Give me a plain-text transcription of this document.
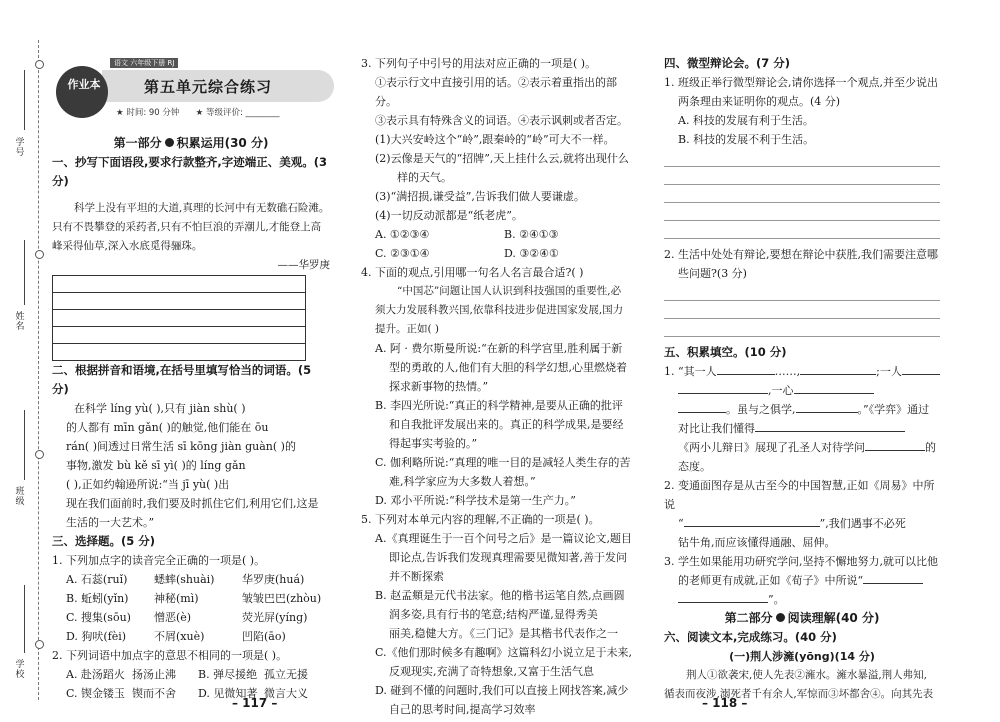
学号
姓名
班级
学校
作业本
语文 六年级下册 RJ
第五单元综合练习
★ 时间: 90 分钟 ★ 等级评价: ________
第一部分 积累运用(30 分)
一、抄写下面语段,要求行款整齐,字迹端正、美观。(3 分)
科学上没有平坦的大道,真理的长河中有无数礁石险滩。只有不畏攀登的采药者,只有不怕巨浪的弄潮儿,才能登上高峰采得仙草,深入水底觅得骊珠。
——华罗庚
二、根据拼音和语境,在括号里填写恰当的词语。(5 分)
在科学 líng yù( ),只有 jiàn shù( )
的人都有 mīn gǎn( )的触觉,他们能在 ōu
rán( )间透过日常生活 sī kōng jiàn guàn( )的
事物,激发 bù kě sī yì( )的 líng gǎn
( ),正如约翰逊所说:“当 jī yù( )出
现在我们面前时,我们要及时抓住它们,利用它们,这是
生活的一大艺术。”
三、选择题。(5 分)
1. 下列加点字的读音完全正确的一项是( )。
A. 石蕊(ruǐ)	蟋蟀(shuài)	华罗庚(huá)
B. 蚯蚓(yǐn)	神秘(mì)	皱皱巴巴(zhòu)
C. 搜集(sōu)	憎恶(è)	荧光屏(yíng)
D. 狗吠(fèi)	不屑(xuè)	凹陷(āo)
2. 下列词语中加点字的意思不相同的一项是( )。
A. 赴汤蹈火 扬汤止沸	B. 弹尽援绝 孤立无援
C. 锲金镂玉 锲而不舍	D. 见微知著 微言大义
3. 下列句子中引号的用法对应正确的一项是( )。
①表示行文中直接引用的话。②表示着重指出的部分。
③表示具有特殊含义的词语。④表示讽刺或者否定。
(1)大兴安岭这个“岭”,跟秦岭的“岭”可大不一样。
(2)云像是天气的“招牌”,天上挂什么云,就将出现什么
样的天气。
(3)“满招损,谦受益”,告诉我们做人要谦虚。
(4)一切反动派都是“纸老虎”。
A. ①②③④	B. ②④①③
C. ②③①④	D. ③②④①
4. 下面的观点,引用哪一句名人名言最合适?( )
“中国芯”问题让国人认识到科技强国的重要性,必
须大力发展科教兴国,依靠科技进步促进国家发展,国力
提升。正如( )
A. 阿 · 费尔斯曼所说:“在新的科学宫里,胜利属于新
型的勇敢的人,他们有大胆的科学幻想,心里燃烧着
探求新事物的热情。”
B. 李四光所说:“真正的科学精神,是要从正确的批评
和自我批评发展出来的。真正的科学成果,是要经
得起事实考验的。”
C. 伽利略所说:“真理的唯一目的是减轻人类生存的苦
难,科学家应为大多数人着想。”
D. 邓小平所说:“科学技术是第一生产力。”
5. 下列对本单元内容的理解,不正确的一项是( )。
A.《真理诞生于一百个问号之后》是一篇议论文,题目
即论点,告诉我们发现真理需要见微知著,善于发问
并不断探索
B. 赵孟頫是元代书法家。他的楷书运笔自然,点画圆
润多姿,具有行书的笔意;结构严谨,显得秀美
丽美,稳健大方。《三门记》是其楷书代表作之一
C.《他们那时候多有趣啊》这篇科幻小说立足于未来,
反观现实,充满了奇特想象,又富于生活气息
D. 碰到不懂的问题时,我们可以直接上网找答案,减少
自己的思考时间,提高学习效率
四、微型辩论会。(7 分)
1. 班级正举行微型辩论会,请你选择一个观点,并至少说出
两条理由来证明你的观点。(4 分)
A. 科技的发展有利于生活。
B. 科技的发展不利于生活。
2. 生活中处处有辩论,要想在辩论中获胜,我们需要注意哪
些问题?(3 分)
五、积累填空。(10 分)
1. “其一人	……,	;一人
,一心
。虽与之俱学,	。”《学弈》通过
对比让我们懂得
《两小儿辩日》展现了孔圣人对待学问	的
态度。
2. 变通面图存是从古至今的中国智慧,正如《周易》中所说
“	”,我们遇事不必死
钻牛角,而应该懂得通融、屈伸。
3. 学生如果能用功研究学问,坚持不懈地努力,就可以比他
的老师更有成就,正如《荀子》中所说“
”。
第二部分 阅读理解(40 分)
六、阅读文本,完成练习。(40 分)
(一)荆人涉澭(yōng)(14 分)
荆人①欲袭宋,使人先表②澭水。澭水暴溢,荆人弗知,
循表而夜涉,溺死者千有余人,军惊而③坏都舍④。向其先表
– 117 –	– 118 –
